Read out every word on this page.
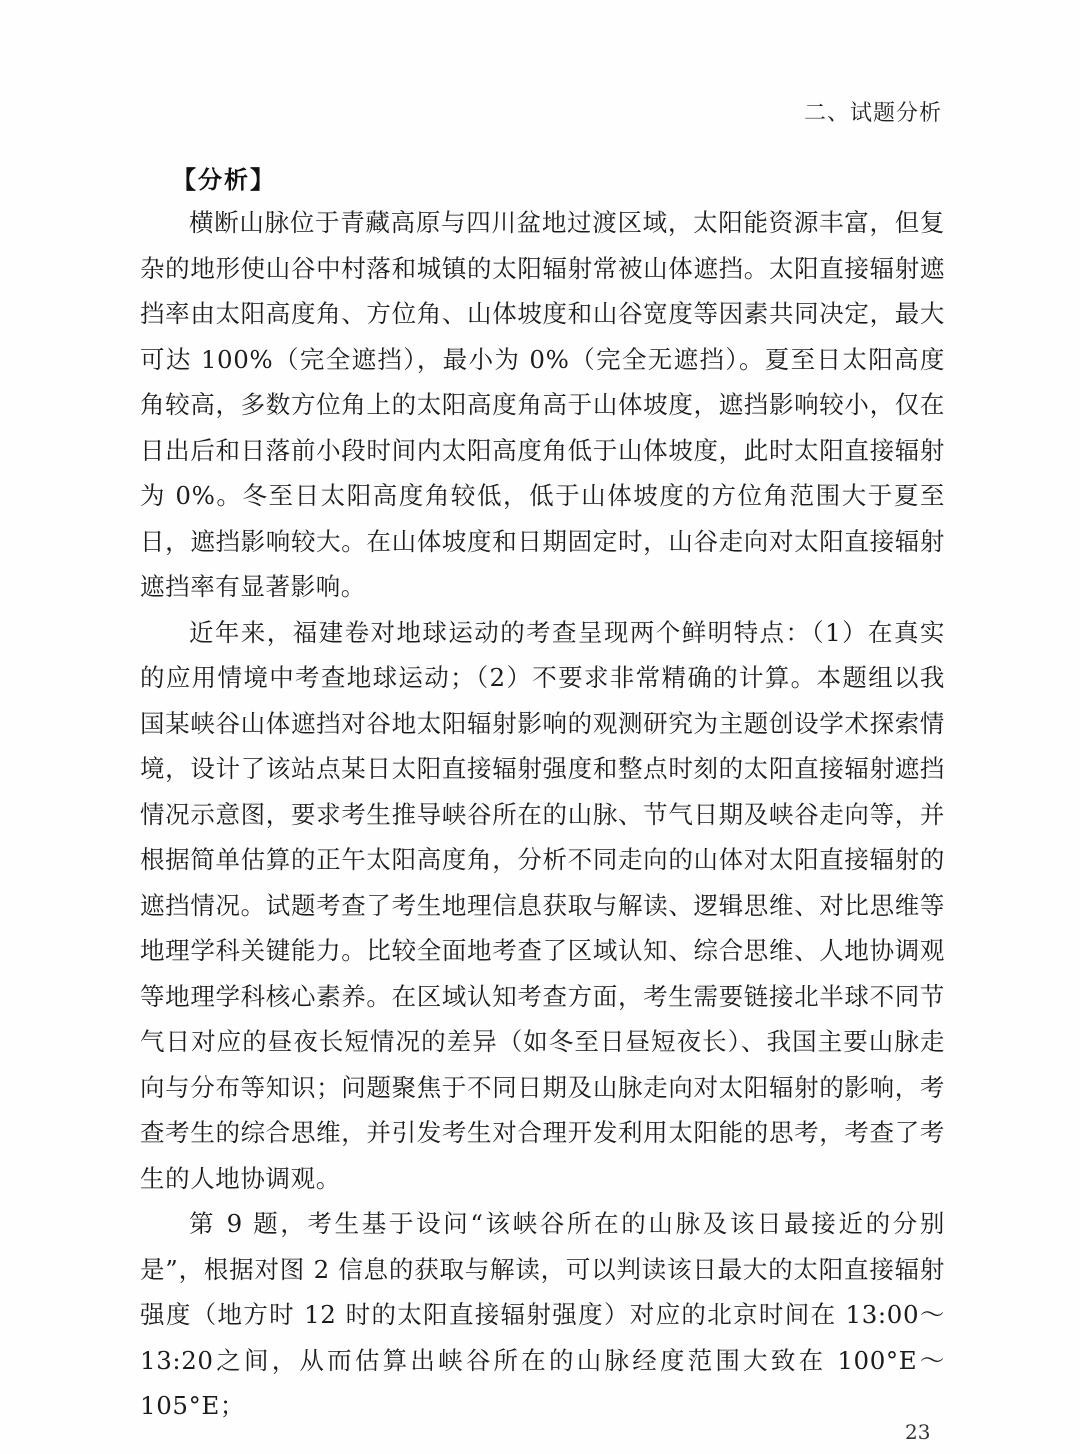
二、试题分析
【分析】

横断山脉位于青藏高原与四川盆地过渡区域，太阳能资源丰富，但复杂的地形使山谷中村落和城镇的太阳辐射常被山体遮挡。太阳直接辐射遮挡率由太阳高度角、方位角、山体坡度和山谷宽度等因素共同决定，最大可达 100%（完全遮挡），最小为 0%（完全无遮挡）。夏至日太阳高度角较高，多数方位角上的太阳高度角高于山体坡度，遮挡影响较小，仅在日出后和日落前小段时间内太阳高度角低于山体坡度，此时太阳直接辐射为 0%。冬至日太阳高度角较低，低于山体坡度的方位角范围大于夏至日，遮挡影响较大。在山体坡度和日期固定时，山谷走向对太阳直接辐射遮挡率有显著影响。

近年来，福建卷对地球运动的考查呈现两个鲜明特点：（1）在真实的应用情境中考查地球运动；（2）不要求非常精确的计算。本题组以我国某峡谷山体遮挡对谷地太阳辐射影响的观测研究为主题创设学术探索情境，设计了该站点某日太阳直接辐射强度和整点时刻的太阳直接辐射遮挡情况示意图，要求考生推导峡谷所在的山脉、节气日期及峡谷走向等，并根据简单估算的正午太阳高度角，分析不同走向的山体对太阳直接辐射的遮挡情况。试题考查了考生地理信息获取与解读、逻辑思维、对比思维等地理学科关键能力。比较全面地考查了区域认知、综合思维、人地协调观等地理学科核心素养。在区域认知考查方面，考生需要链接北半球不同节气日对应的昼夜长短情况的差异（如冬至日昼短夜长）、我国主要山脉走向与分布等知识；问题聚焦于不同日期及山脉走向对太阳辐射的影响，考查考生的综合思维，并引发考生对合理开发利用太阳能的思考，考查了考生的人地协调观。

第 9 题，考生基于设问“该峡谷所在的山脉及该日最接近的分别是”，根据对图 2 信息的获取与解读，可以判读该日最大的太阳直接辐射强度（地方时 12 时的太阳直接辐射强度）对应的北京时间在 13:00～13:20之间，从而估算出峡谷所在的山脉经度范围大致在 100°E～105°E；

23
